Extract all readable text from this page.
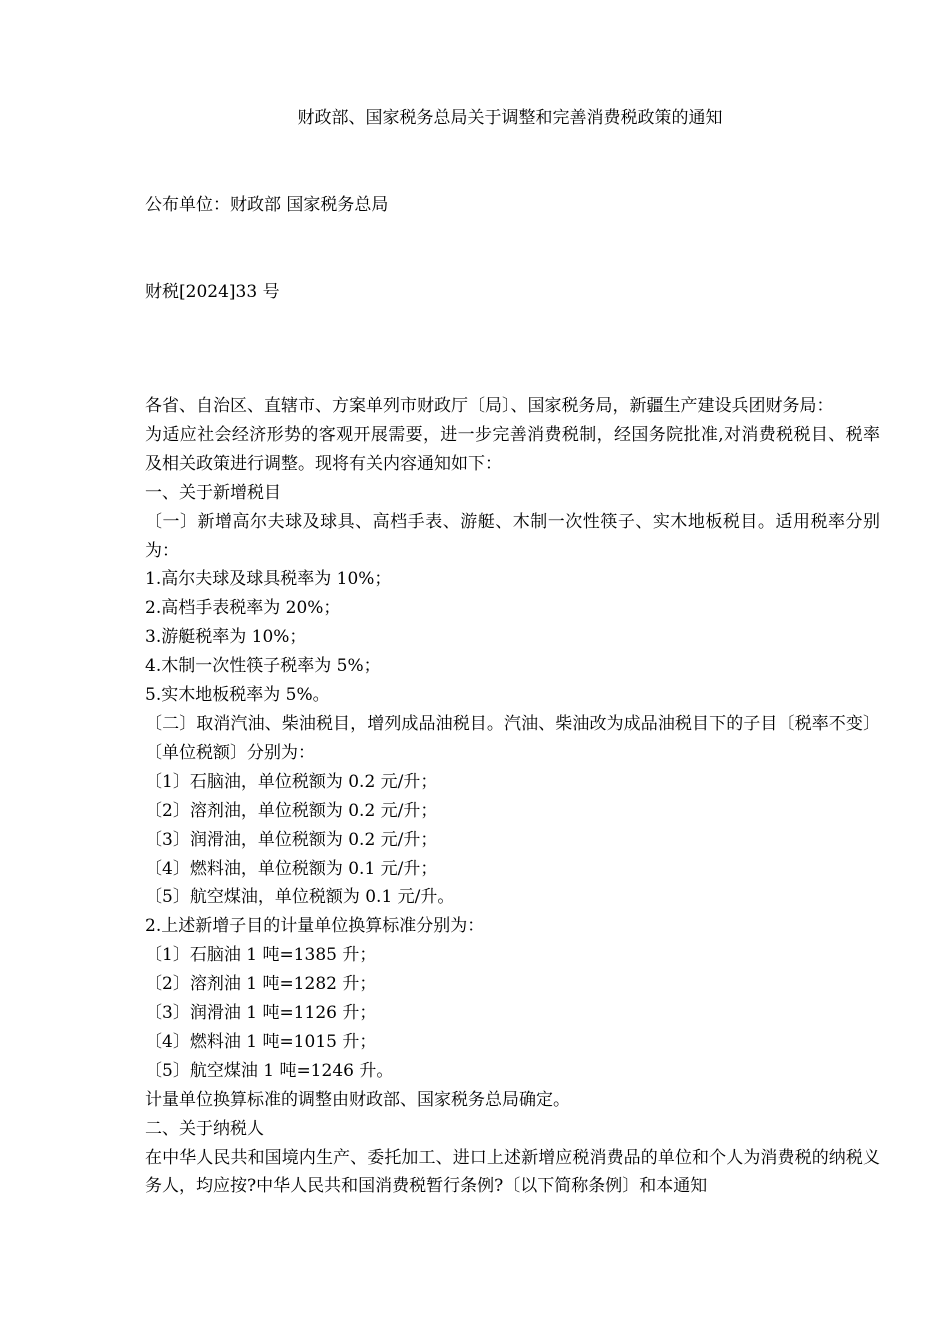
财政部、国家税务总局关于调整和完善消费税政策的通知
公布单位：财政部 国家税务总局
财税[2024]33 号

各省、自治区、直辖市、方案单列市财政厅〔局〕、国家税务局，新疆生产建设兵团财务局：

为适应社会经济形势的客观开展需要，进一步完善消费税制，经国务院批准,对消费税税目、税率及相关政策进行调整。现将有关内容通知如下：

一、关于新增税目

〔一〕新增高尔夫球及球具、高档手表、游艇、木制一次性筷子、实木地板税目。适用税率分别为：

1.高尔夫球及球具税率为 10%；

2.高档手表税率为 20%；

3.游艇税率为 10%；

4.木制一次性筷子税率为 5%；

5.实木地板税率为 5%。

〔二〕取消汽油、柴油税目，增列成品油税目。汽油、柴油改为成品油税目下的子目〔税率不变〕〔单位税额〕分别为：

〔1〕石脑油，单位税额为 0.2 元/升；

〔2〕溶剂油，单位税额为 0.2 元/升；

〔3〕润滑油，单位税额为 0.2 元/升；

〔4〕燃料油，单位税额为 0.1 元/升；

〔5〕航空煤油，单位税额为 0.1 元/升。

2.上述新增子目的计量单位换算标准分别为：

〔1〕石脑油 1 吨=1385 升；

〔2〕溶剂油 1 吨=1282 升；

〔3〕润滑油 1 吨=1126 升；

〔4〕燃料油 1 吨=1015 升；

〔5〕航空煤油 1 吨=1246 升。

计量单位换算标准的调整由财政部、国家税务总局确定。

二、关于纳税人

在中华人民共和国境内生产、委托加工、进口上述新增应税消费品的单位和个人为消费税的纳税义务人，均应按?中华人民共和国消费税暂行条例?〔以下简称条例〕和本通知
